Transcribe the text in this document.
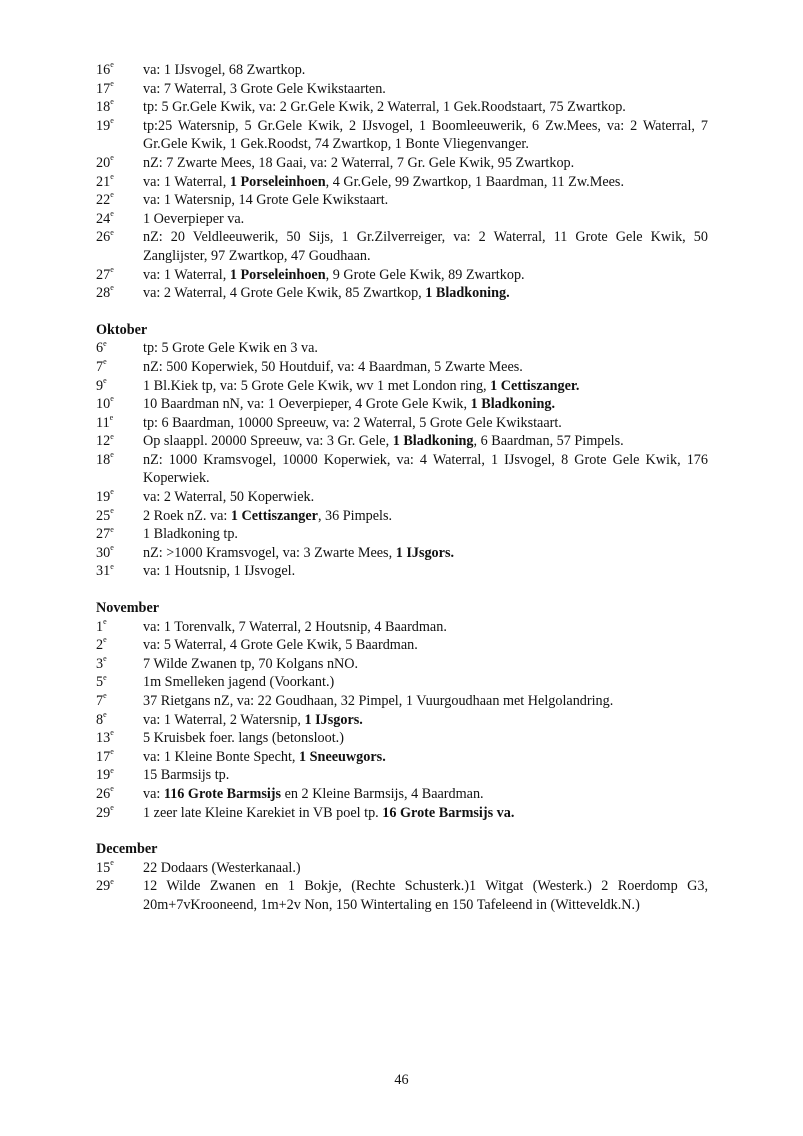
16e	va: 1 IJsvogel, 68 Zwartkop.
17e	va: 7 Waterral, 3 Grote Gele Kwikstaarten.
18e	tp: 5 Gr.Gele Kwik, va: 2 Gr.Gele Kwik, 2 Waterral, 1 Gek.Roodstaart, 75 Zwartkop.
19e	tp:25 Watersnip, 5 Gr.Gele Kwik, 2 IJsvogel, 1 Boomleeuwerik, 6 Zw.Mees, va: 2 Waterral, 7 Gr.Gele Kwik, 1 Gek.Roodst, 74 Zwartkop, 1 Bonte Vliegenvanger.
20e	nZ: 7 Zwarte Mees, 18 Gaai, va: 2 Waterral, 7 Gr. Gele Kwik, 95 Zwartkop.
21e	va: 1 Waterral, 1 Porseleinhoen, 4 Gr.Gele, 99 Zwartkop, 1 Baardman, 11 Zw.Mees.
22e	va: 1 Watersnip, 14 Grote Gele Kwikstaart.
24e	1 Oeverpieper va.
26e	nZ: 20 Veldleeuwerik, 50 Sijs, 1 Gr.Zilverreiger, va: 2 Waterral, 11 Grote Gele Kwik, 50 Zanglijster, 97 Zwartkop, 47 Goudhaan.
27e	va: 1 Waterral, 1 Porseleinhoen, 9 Grote Gele Kwik, 89 Zwartkop.
28e	va: 2 Waterral, 4 Grote Gele Kwik, 85 Zwartkop, 1 Bladkoning.
Oktober
6e	tp: 5 Grote Gele Kwik en 3 va.
7e	nZ: 500 Koperwiek, 50 Houtduif, va: 4 Baardman, 5 Zwarte Mees.
9e	1 Bl.Kiek tp, va: 5 Grote Gele Kwik, wv 1 met London ring, 1 Cettiszanger.
10e	10 Baardman nN, va: 1 Oeverpieper, 4 Grote Gele Kwik, 1 Bladkoning.
11e	tp: 6 Baardman, 10000 Spreeuw, va: 2 Waterral, 5 Grote Gele Kwikstaart.
12e	Op slaappl. 20000 Spreeuw, va: 3 Gr. Gele, 1 Bladkoning, 6 Baardman, 57 Pimpels.
18e	nZ: 1000 Kramsvogel, 10000 Koperwiek, va: 4 Waterral, 1 IJsvogel, 8 Grote Gele Kwik, 176 Koperwiek.
19e	va: 2 Waterral, 50 Koperwiek.
25e	2 Roek nZ. va: 1 Cettiszanger, 36 Pimpels.
27e	1 Bladkoning tp.
30e	nZ: >1000 Kramsvogel, va: 3 Zwarte Mees, 1 IJsgors.
31e	va: 1 Houtsnip, 1 IJsvogel.
November
1e	va: 1 Torenvalk, 7 Waterral, 2 Houtsnip, 4 Baardman.
2e	va: 5 Waterral, 4 Grote Gele Kwik, 5 Baardman.
3e	7 Wilde Zwanen tp, 70 Kolgans nNO.
5e	1m Smelleken jagend (Voorkant.)
7e	37 Rietgans nZ, va: 22 Goudhaan, 32 Pimpel, 1 Vuurgoudhaan met Helgolandring.
8e	va: 1 Waterral, 2 Watersnip, 1 IJsgors.
13e	5 Kruisbek foer. langs (betonsloot.)
17e	va: 1 Kleine Bonte Specht, 1 Sneeuwgors.
19e	15 Barmsijs tp.
26e	va: 116 Grote Barmsijs en 2 Kleine Barmsijs, 4 Baardman.
29e	1 zeer late Kleine Karekiet in VB poel tp. 16 Grote Barmsijs va.
December
15e	22 Dodaars (Westerkanaal.)
29e	12 Wilde Zwanen en 1 Bokje, (Rechte Schusterk.)1 Witgat (Westerk.) 2 Roerdomp G3, 20m+7vKrooneend, 1m+2v Non, 150 Wintertaling en 150 Tafeleend in (Witteveldk.N.)
46
